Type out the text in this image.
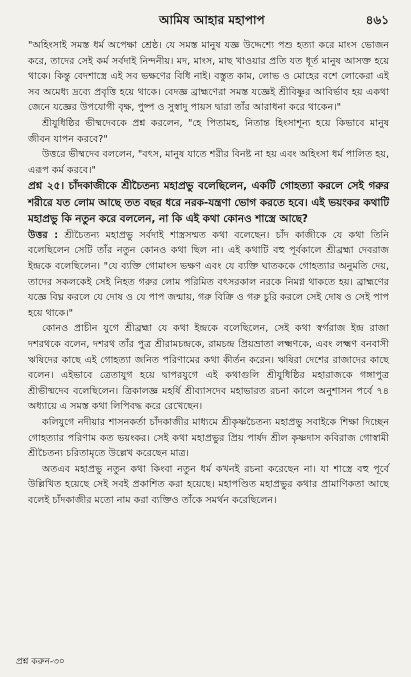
আমিষ আহার মহাপাপ	৪৬১

"অহিংসাই সমস্ত ধর্ম অপেক্ষা শ্রেষ্ঠ। যে সমস্ত মানুষ যজ্ঞ উদ্দেশ্যে পশু হত্যা করে মাংস ভোজন করে, তাদের সেই কর্ম সর্বদাই নিন্দনীয়। মদ, মাংস, মাছ খাওয়ার প্রতি যত ধূর্ত মানুষ আসক্ত হয়ে থাকে। কিন্তু বেদশাস্ত্রে এই সব ভক্ষণের বিধি নাই। বস্তুত কাম, লোভ ও মোহের বশে লোকেরা এই সব অমেধ্য দ্রব্যে প্রবৃত্তি হয়ে থাকে। বেদজ্ঞ ব্রাহ্মণেরা সমস্ত যজ্ঞেই শ্রীবিষ্ণুর আবির্ভাব হয় একথা জেনে যজ্ঞের উপযোগী বৃক্ষ, পুষ্প ও সুস্বাদু পায়স দ্বারা তাঁর আরাধনা করে থাকেন।"

শ্রীযুধিষ্ঠির ভীষ্মদেবকে প্রশ্ন করলেন, "হে পিতামহ, নিতান্ত হিংসাশূন্য হয়ে কিভাবে মানুষ জীবন যাপন করবে?"

উত্তরে ভীষ্মদেব বললেন, "বৎস, মানুষ যাতে শরীর বিনষ্ট না হয় এবং অহিংসা ধর্ম পালিত হয়, এরূপ কর্ম করবে।"

প্রশ্ন ২৫। চাঁদকাজীকে শ্রীচৈতন্য মহাপ্রভু বলেছিলেন, একটি গোহত্যা করলে সেই গরুর শরীরে যত লোম আছে তত বছর ধরে নরক-যন্ত্রণা ভোগ করতে হবে। এই ভয়ংকর কথাটি মহাপ্রভু কি নতুন করে বললেন, না কি এই কথা কোনও শাস্ত্রে আছে?

উত্তর : শ্রীচৈতন্য মহাপ্রভু সর্বদাই শাস্ত্রসম্মত কথা বলেছেন। চাঁদ কাজীকে যে কথা তিনি বলেছিলেন সেটি তাঁর নতুন কোনও কথা ছিল না। এই কথাটি বহু পূর্বকালে শ্রীব্রহ্মা দেবরাজ ইন্দ্রকে বলেছিলেন। "যে ব্যক্তি গোমাংস ভক্ষণ এবং যে ব্যক্তি ঘাতককে গোহত্যার অনুমতি দেয়, তাদের সকলকেই সেই নিহত গরুর লোম পরিমিত বৎসরকাল নরকে নিমগ্ন থাকতে হয়। ব্রাহ্মণের যজ্ঞে বিঘ্ন করলে যে দোষ ও যে পাপ জন্মায়, গরু বিক্রি ও গরু চুরি করলে সেই দোষ ও সেই পাপ হয়ে থাকে।"

কোনও প্রাচীন যুগে শ্রীব্রহ্মা যে কথা ইন্দ্রকে বলেছিলেন, সেই কথা স্বর্গরাজ ইন্দ্র রাজা দশরথকে বলেন, দশরথ তাঁর পুত্র শ্রীরামচন্দ্রকে, রামচন্দ্র প্রিয়ভ্রাতা লক্ষ্মণকে, এবং লক্ষ্মণ বনবাসী ঋষিদের কাছে এই গোহত্যা জনিত পরিণামের কথা কীর্তন করেন। ঋষিরা দেশের রাজাদের কাছে বলেন। এইভাবে ত্রেতাযুগ হয়ে দ্বাপরযুগে এই কথাগুলি শ্রীযুধিষ্ঠির মহারাজকে গঙ্গাপুত্র শ্রীভীষ্মদেব বলেছিলেন। ত্রিকালজ্ঞ মহর্ষি শ্রীব্যাসদেব মহাভারত রচনা কালে অনুশাসন পর্বে ৭৪ অধ্যায়ে এ সমস্ত কথা লিপিবদ্ধ করে রেখেছেন।

কলিযুগে নদীয়ার শাসনকর্তা চাঁদকাজীর মাধ্যমে শ্রীকৃষ্ণচৈতন্য মহাপ্রভু সবাইকে শিক্ষা দিচ্ছেন গোহত্যার পরিণাম কত ভয়ংকর। সেই কথা মহাপ্রভুর প্রিয় পার্ষদ শ্রীল কৃষ্ণদাস কবিরাজ গোস্বামী শ্রীচৈতন্য চরিতামৃতে উল্লেখ করেছেন মাত্র।

অতএব মহাপ্রভু নতুন কথা কিংবা নতুন ধর্ম কখনই রচনা করেছেন না। যা শাস্ত্রে বহু পূর্বে উল্লিখিত হয়েছে সেই সবই প্রকাশিত করা হয়েছে। মহাপণ্ডিত মহাপ্রভুর কথার প্রামাণিকতা আছে বলেই চাঁদকাজীর মতো নাম করা ব্যক্তিও তাঁকে সমর্থন করেছিলেন।

প্রশ্ন করুন-৩০
